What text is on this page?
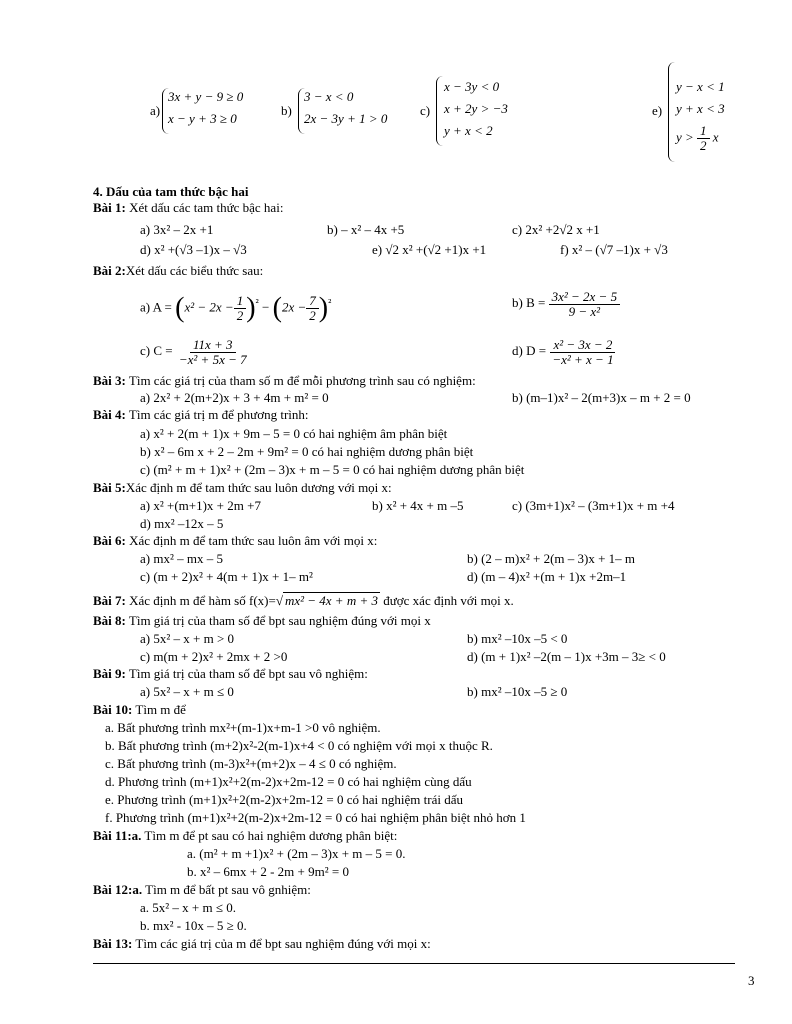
a)
3x + y − 9 ≥ 0
x − y + 3 ≥ 0
b)
3 − x < 0
2x − 3y + 1 > 0
c)
x − 3y < 0
x + 2y > −3
y + x < 2
e)
y − x < 1
y + x < 3
$y > \frac{1}{2}$ x
4. Dấu của tam thức bậc hai
Bài 1: Xét dấu các tam thức bậc hai:
a) 3x² – 2x +1	b) – x² – 4x +5	c) 2x² +2√2 x +1
d) x² +(√3 –1)x – √3	e) √2 x² +(√2 +1)x +1	f) x² – (√7 –1)x + √3
Bài 2:Xét dấu các biểu thức sau:
a) $A = (x^2 - 2x - \frac{1}{2} )^{^2} - (2x - \frac{7}{2} )^{^2}$	b) $B = \frac{\text{3x² − 2x − 5}}{\text{9 − x²}}$
c) $C = \frac{11x + 3}{\text{−x² + 5x − 7}}$	d) $D = \frac{\text{x² − 3x − 2}}{\text{−x² + x − 1}}$
Bài 3: Tìm các giá trị của tham số m để mỗi phương trình sau có nghiệm:
a) 2x² + 2(m+2)x + 3 + 4m + m² = 0	b) (m–1)x² – 2(m+3)x – m + 2 = 0
Bài 4: Tìm các giá trị m để phương trình:
a) x² + 2(m + 1)x + 9m – 5 = 0 có hai nghiệm âm phân biệt
b) x² – 6m x + 2 – 2m + 9m² = 0 có hai nghiệm dương phân biệt
c) (m² + m + 1)x² + (2m – 3)x + m – 5 = 0 có hai nghiệm dương phân biệt
Bài 5:Xác định m để tam thức sau luôn dương với mọi x:
a) x² +(m+1)x + 2m +7	b) x² + 4x + m –5	c) (3m+1)x² – (3m+1)x + m +4
d) mx² –12x – 5
Bài 6: Xác định m để tam thức sau luôn âm với mọi x:
a) mx² – mx – 5	b) (2 – m)x² + 2(m – 3)x + 1– m
c) (m + 2)x² + 4(m + 1)x + 1– m²	d) (m – 4)x² +(m + 1)x +2m–1
Bài 7: Xác định m để hàm số f(x)=√ mx² − 4x + m + 3 được xác định với mọi x.
Bài 8: Tìm giá trị của tham số để bpt sau nghiệm đúng với mọi x
a) 5x² – x + m > 0	b) mx² –10x –5 < 0
c) m(m + 2)x² + 2mx + 2 >0	d) (m + 1)x² –2(m – 1)x +3m – 3≥ < 0
Bài 9: Tìm giá trị của tham số để bpt sau vô nghiệm:
a) 5x² – x + m ≤ 0	b) mx² –10x –5 ≥ 0
Bài 10: Tìm m để
a. Bất phương trình mx²+(m-1)x+m-1 >0 vô nghiệm.
b. Bất phương trình (m+2)x²-2(m-1)x+4 < 0 có nghiệm với mọi x thuộc R.
c. Bất phương trình (m-3)x²+(m+2)x – 4 ≤ 0 có nghiệm.
d. Phương trình (m+1)x²+2(m-2)x+2m-12 = 0 có hai nghiệm cùng dấu
e. Phương trình (m+1)x²+2(m-2)x+2m-12 = 0 có hai nghiệm trái dấu
f. Phương trình (m+1)x²+2(m-2)x+2m-12 = 0 có hai nghiệm phân biệt nhỏ hơn 1
Bài 11:a. Tìm m để pt sau có hai nghiệm dương phân biệt:
a. (m² + m +1)x² + (2m – 3)x + m – 5 = 0.
b. x² – 6mx + 2 - 2m + 9m² = 0
Bài 12:a. Tìm m để bất pt sau vô gnhiệm:
a. 5x² – x + m ≤ 0.
b. mx² - 10x – 5 ≥ 0.
Bài 13: Tìm các giá trị của m để bpt sau nghiệm đúng với mọi x:
3
